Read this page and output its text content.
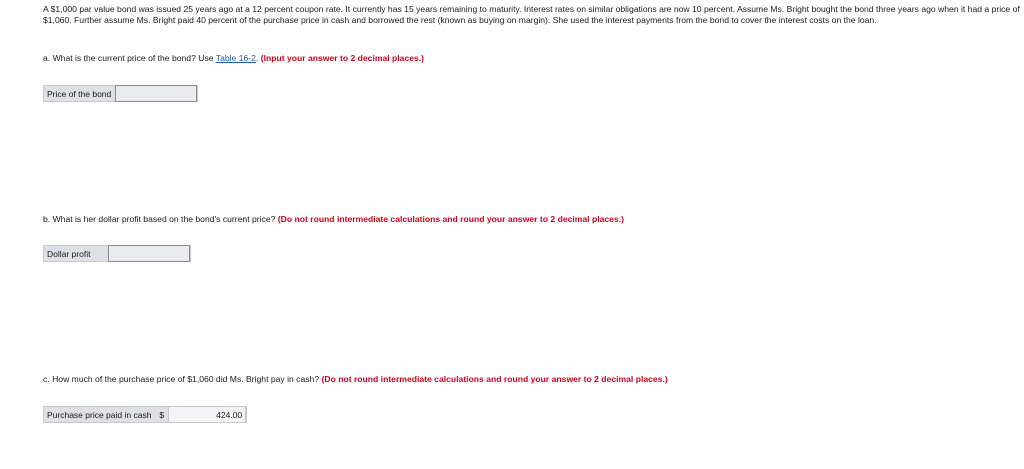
A $1,000 par value bond was issued 25 years ago at a 12 percent coupon rate. It currently has 15 years remaining to maturity. Interest rates on similar obligations are now 10 percent. Assume Ms. Bright bought the bond three years ago when it had a price of $1,060. Further assume Ms. Bright paid 40 percent of the purchase price in cash and borrowed the rest (known as buying on margin). She used the interest payments from the bond to cover the interest costs on the loan.

a. What is the current price of the bond? Use Table 16-2. (Input your answer to 2 decimal places.)

Price of the bond

b. What is her dollar profit based on the bond's current price? (Do not round intermediate calculations and round your answer to 2 decimal places.)

Dollar profit

c. How much of the purchase price of $1,060 did Ms. Bright pay in cash? (Do not round intermediate calculations and round your answer to 2 decimal places.)

Purchase price paid in cash $
424.00
